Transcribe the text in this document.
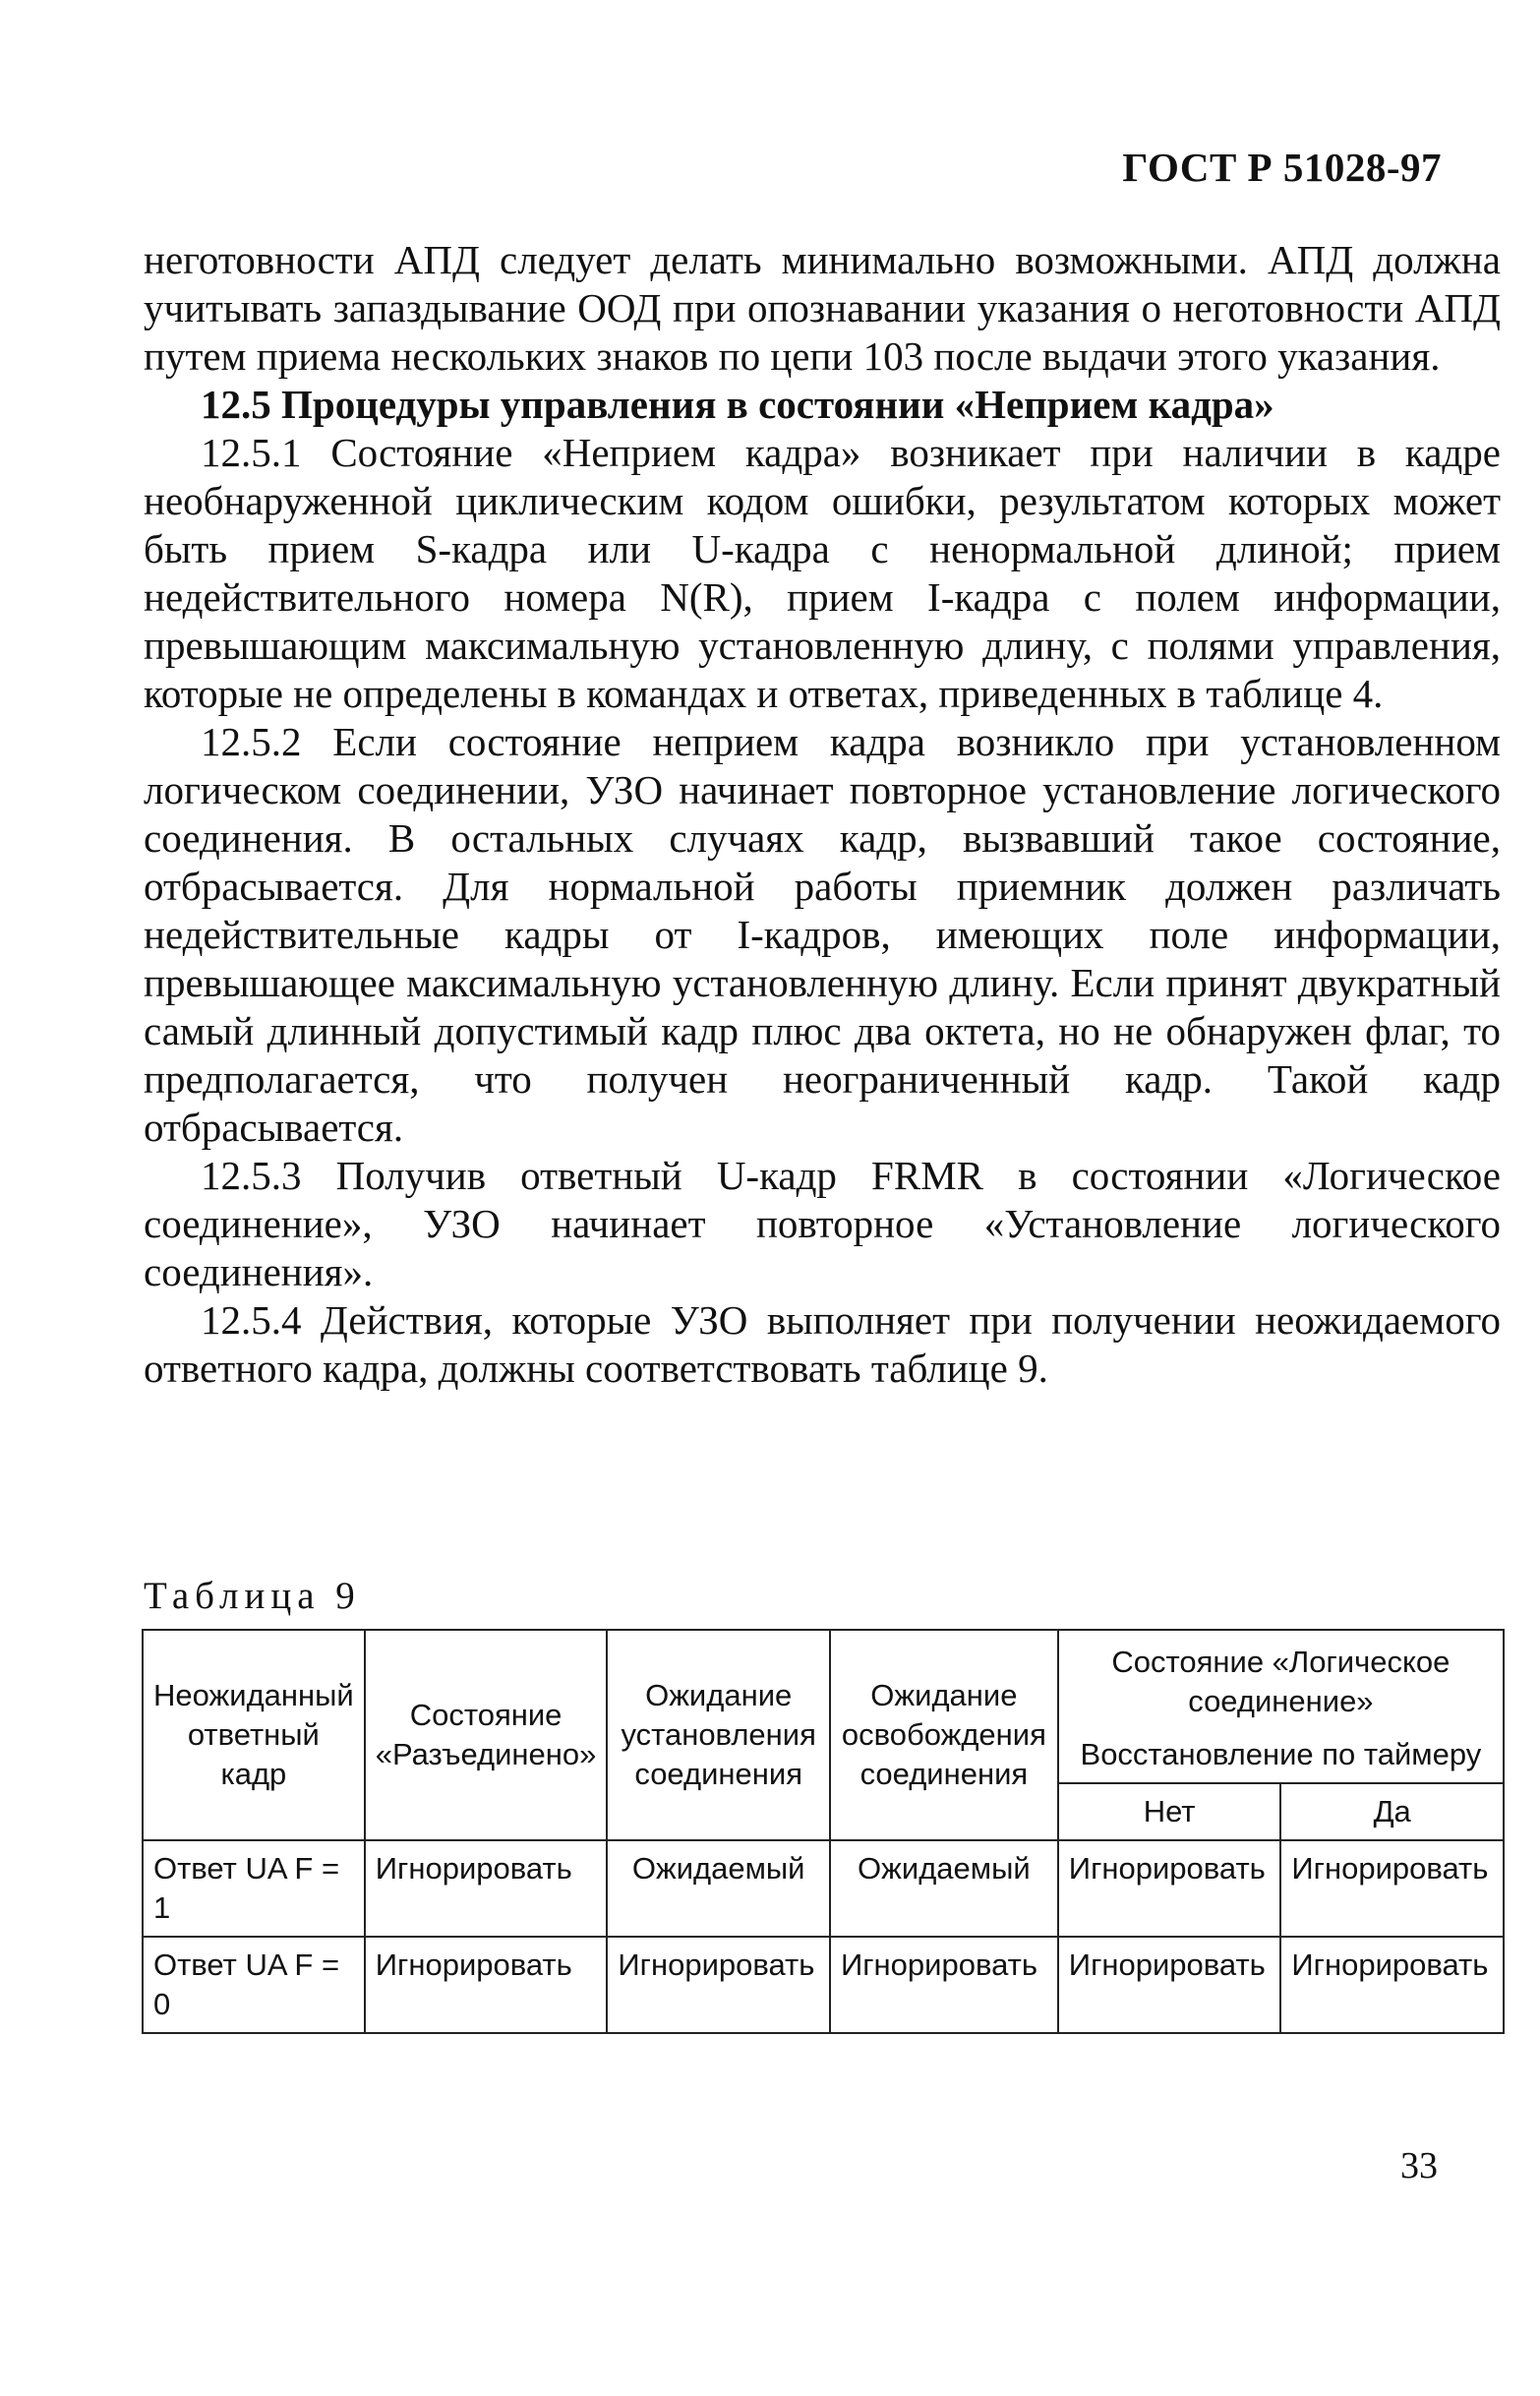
ГОСТ Р 51028-97

неготовности АПД следует делать минимально возможными. АПД должна учитывать запаздывание ООД при опознавании указания о неготовности АПД путем приема нескольких знаков по цепи 103 после выдачи этого указания.

12.5 Процедуры управления в состоянии «Неприем кадра»

12.5.1 Состояние «Неприем кадра» возникает при наличии в кадре необнаруженной циклическим кодом ошибки, результатом которых может быть прием S-кадра или U-кадра с ненормальной длиной; прием недействительного номера N(R), прием I-кадра с полем информации, превышающим максимальную установленную длину, с полями управления, которые не определены в командах и ответах, приведенных в таблице 4.

12.5.2 Если состояние неприем кадра возникло при установленном логическом соединении, УЗО начинает повторное установление логического соединения. В остальных случаях кадр, вызвавший такое состояние, отбрасывается. Для нормальной работы приемник должен различать недействительные кадры от I-кадров, имеющих поле информации, превышающее максимальную установленную длину. Если принят двукратный самый длинный допустимый кадр плюс два октета, но не обнаружен флаг, то предполагается, что получен неограниченный кадр. Такой кадр отбрасывается.

12.5.3 Получив ответный U-кадр FRMR в состоянии «Логическое соединение», УЗО начинает повторное «Установление логического соединения».

12.5.4 Действия, которые УЗО выполняет при получении неожидаемого ответного кадра, должны соответствовать таблице 9.

Таблица 9
Неожиданный ответный кадр	Состояние «Разъединено»	Ожидание установления соединения	Ожидание освобождения соединения	Состояние «Логическое соединение»
Восстановление по таймеру	

				Нет	Да
Ответ UA F = 1	Игнорировать	Ожидаемый	Ожидаемый	Игнорировать	Игнорировать
Ответ UA F = 0	Игнорировать	Игнорировать	Игнорировать	Игнорировать	Игнорировать
33
